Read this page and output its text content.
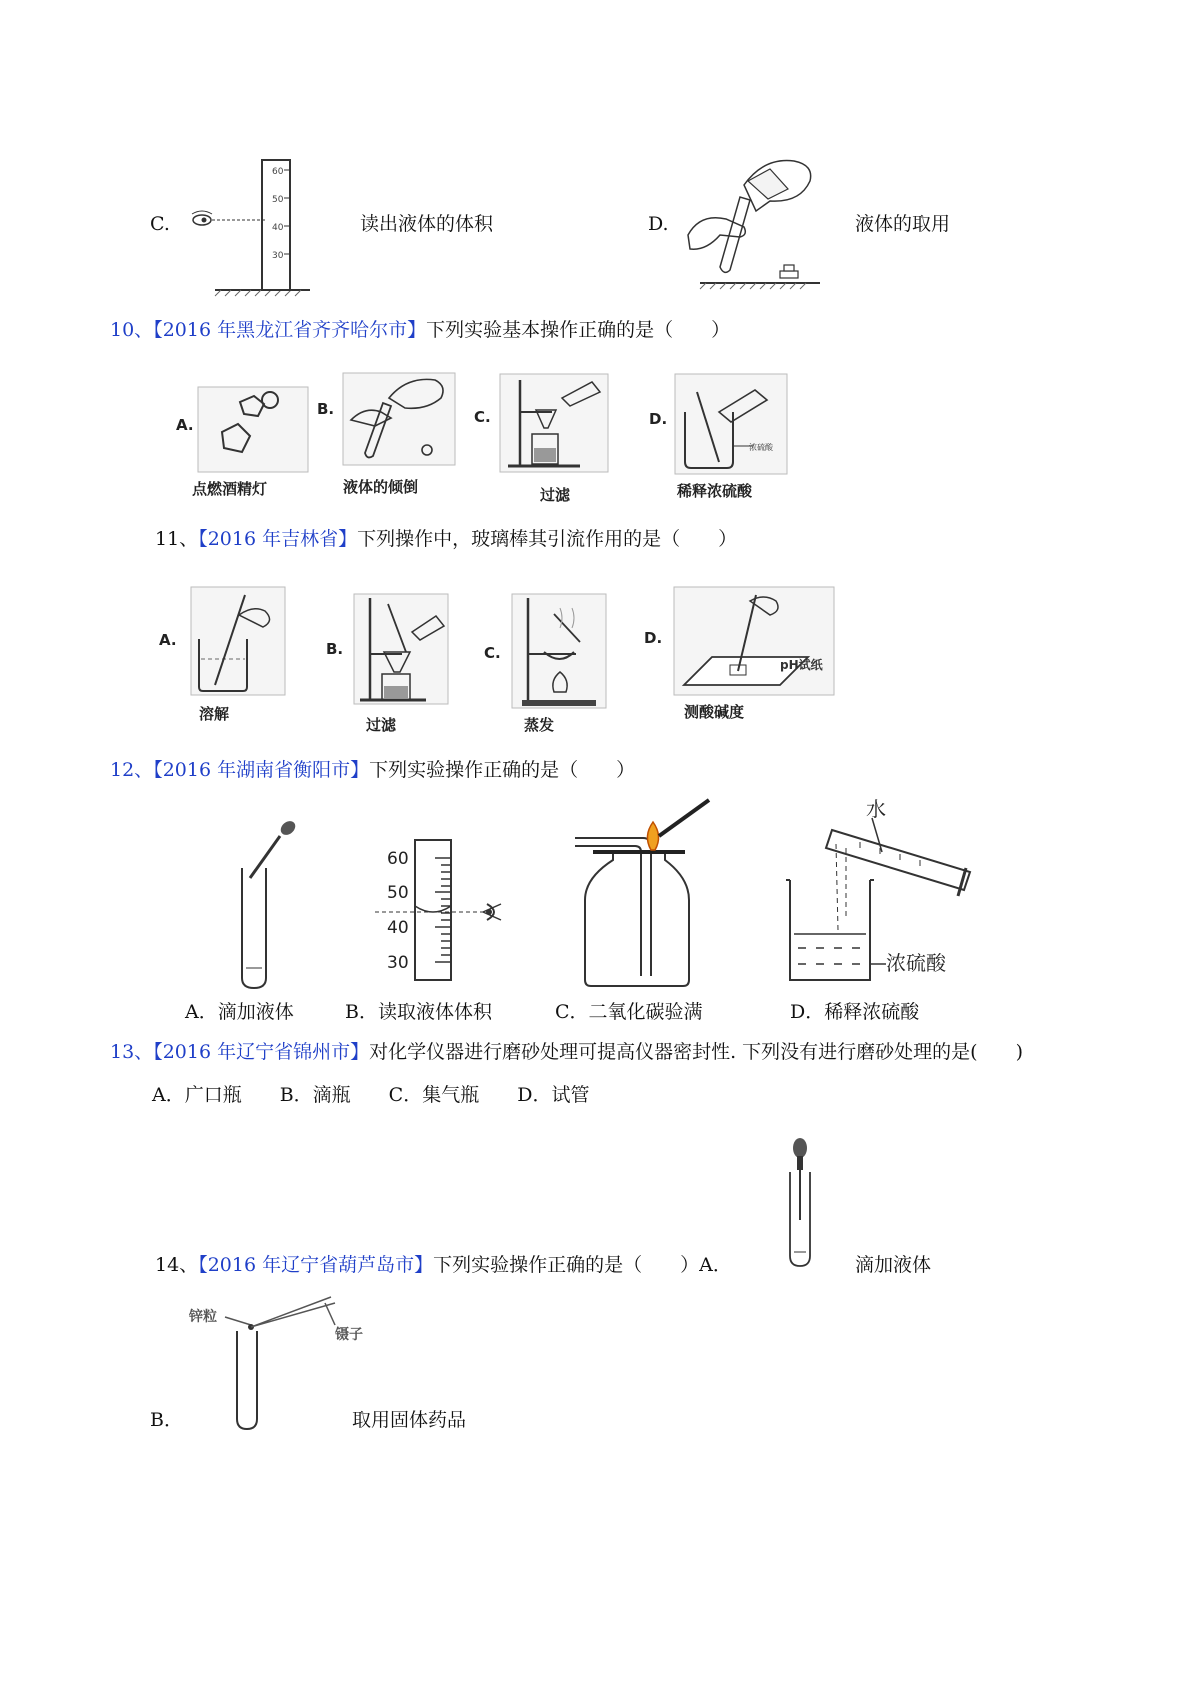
C.
60
50
40
30
读出液体的体积	D.	液体的取用
10、【2016 年黑龙江省齐齐哈尔市】下列实验基本操作正确的是（　　）
A.
点燃酒精灯
B.
液体的倾倒
C.
过滤
D.
浓硫酸
稀释浓硫酸
11、【2016 年吉林省】下列操作中，玻璃棒其引流作用的是（　　）
A.
溶解
B.
过滤
C.
蒸发
D.
pH试纸
测酸碱度
12、【2016 年湖南省衡阳市】下列实验操作正确的是（　　）
60
50
40
30
水
浓硫酸
A．滴加液体	B．读取液体体积	C．二氧化碳验满	D．稀释浓硫酸
13、【2016 年辽宁省锦州市】对化学仪器进行磨砂处理可提高仪器密封性. 下列没有进行磨砂处理的是(　　)
A．广口瓶　　B．滴瓶　　C．集气瓶　　D．试管
14、【2016 年辽宁省葫芦岛市】下列实验操作正确的是（　　）A．	滴加液体
锌粒
镊子
B．	取用固体药品
